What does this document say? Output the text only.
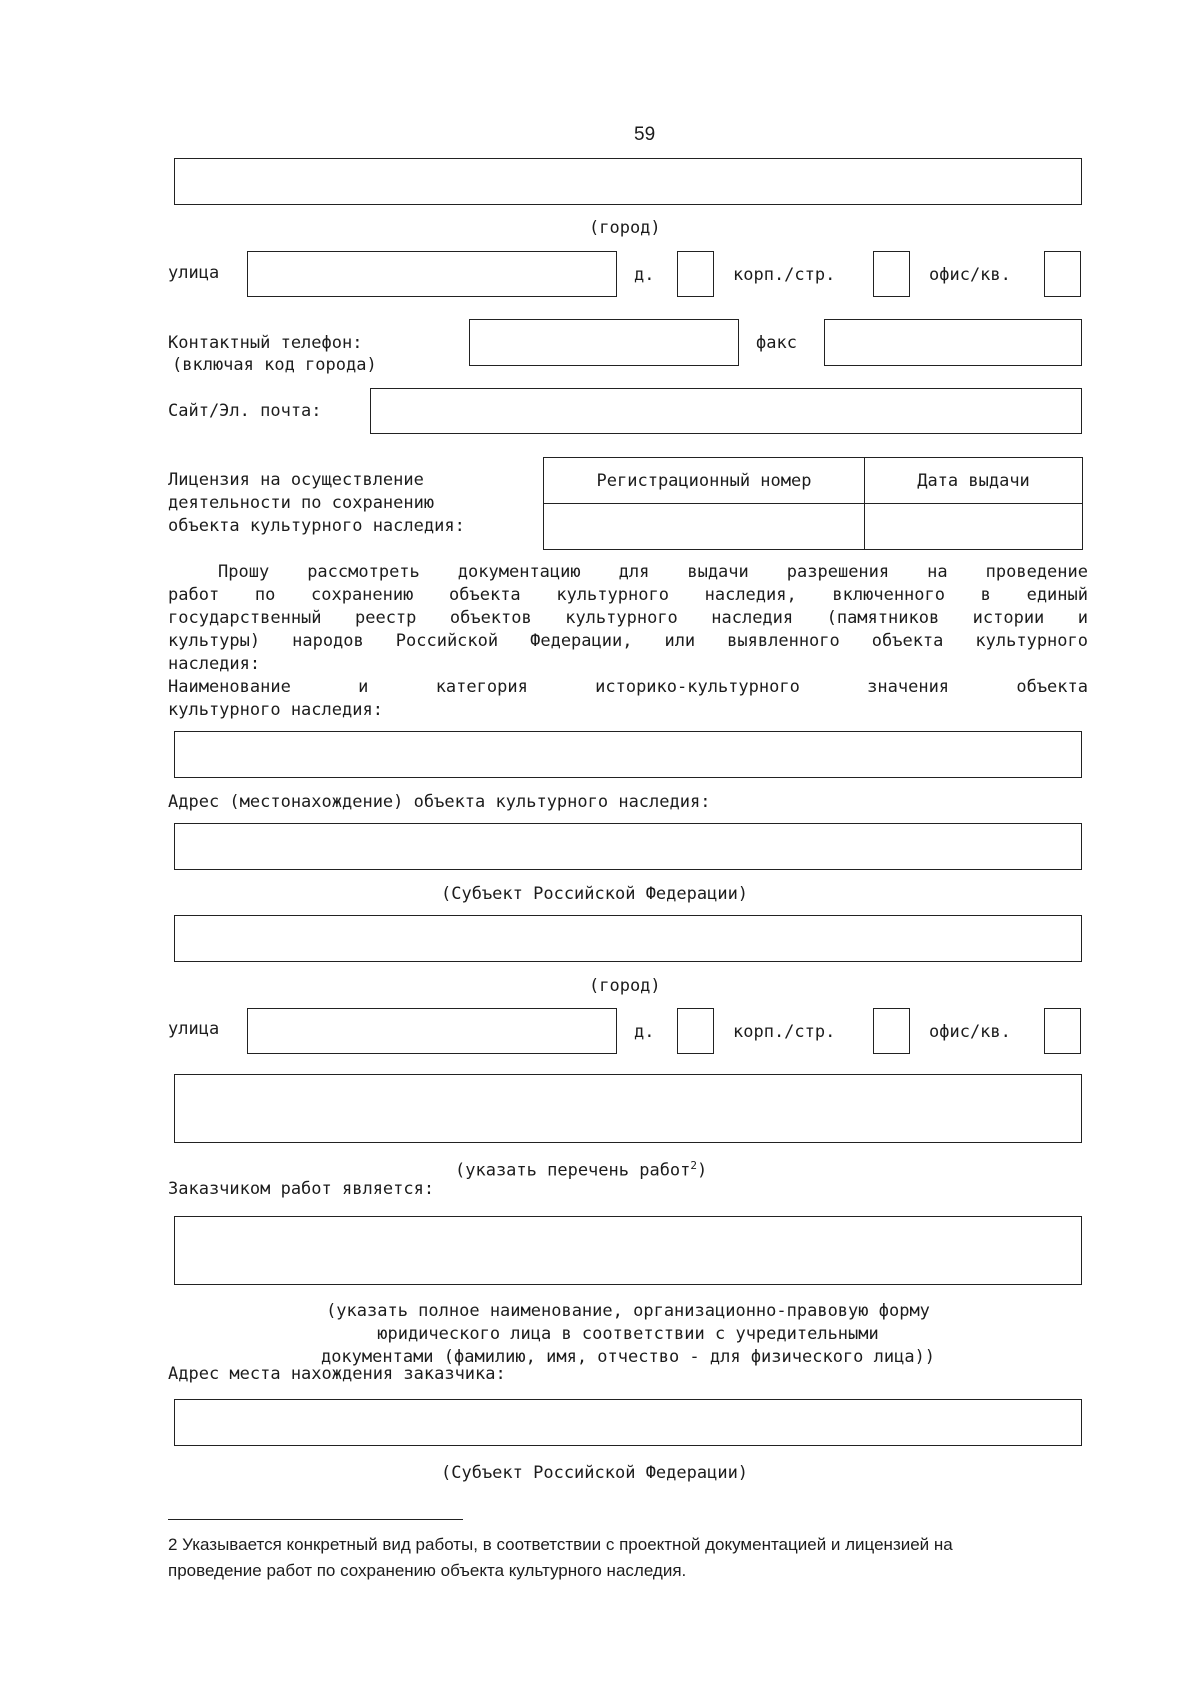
59
(город)
улица	д.	корп./стр.	офис/кв.
Контактный телефон:
(включая код города)
факс
Сайт/Эл. почта:
Лицензия на осуществление
деятельности по сохранению
объекта культурного наследия:
Регистрационный номер	Дата выдачи

Прошу рассмотреть документацию для выдачи разрешения на проведение
работ по сохранению объекта культурного наследия, включенного в единый
государственный реестр объектов культурного наследия (памятников истории и
культуры) народов Российской Федерации, или выявленного объекта культурного
наследия:
Наименование и категория историко-культурного значения объекта
культурного наследия:
Адрес (местонахождение) объекта культурного наследия:
(Субъект Российской Федерации)
(город)
улица	д.	корп./стр.	офис/кв.
(указать перечень работ$^2$)
Заказчиком работ является:
(указать полное наименование, организационно-правовую форму
юридического лица в соответствии с учредительными
документами (фамилию, имя, отчество - для физического лица))
Адрес места нахождения заказчика:
(Субъект Российской Федерации)
2 Указывается конкретный вид работы, в соответствии с проектной документацией и лицензией на
проведение работ по сохранению объекта культурного наследия.
